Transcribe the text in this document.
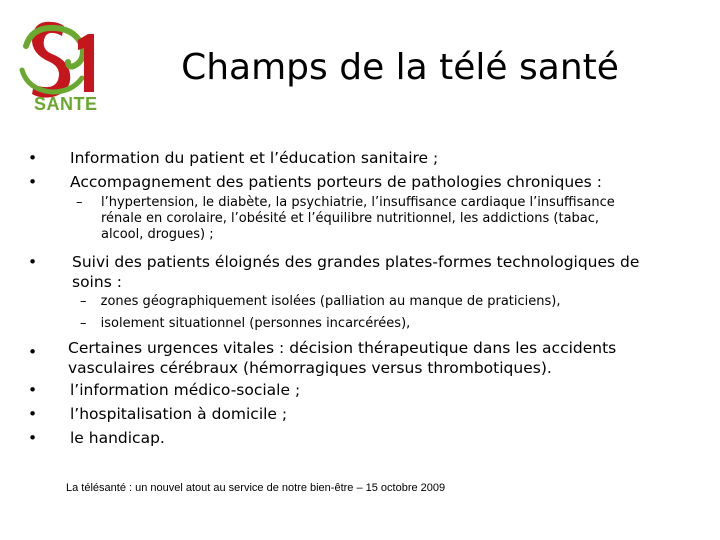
SANTE
Champs de la télé santé
• Information du patient et l’éducation sanitaire ;
• Accompagnement des patients porteurs de pathologies chroniques :
–	l’hypertension, le diabète, la psychiatrie, l’insuffisance cardiaque l’insuffisance rénale en corolaire, l’obésité et l’équilibre nutritionnel, les addictions (tabac, alcool, drogues) ;
• Suivi des patients éloignés des grandes plates-formes technologiques de soins :
– zones géographiquement isolées (palliation au manque de praticiens),
– isolement situationnel (personnes incarcérées),
• Certaines urgences vitales : décision thérapeutique dans les accidents vasculaires cérébraux (hémorragiques versus thrombotiques).
• l’information médico-sociale ;
• l’hospitalisation à domicile ;
• le handicap.
La télésanté : un nouvel atout au service de notre bien-être – 15 octobre 2009
